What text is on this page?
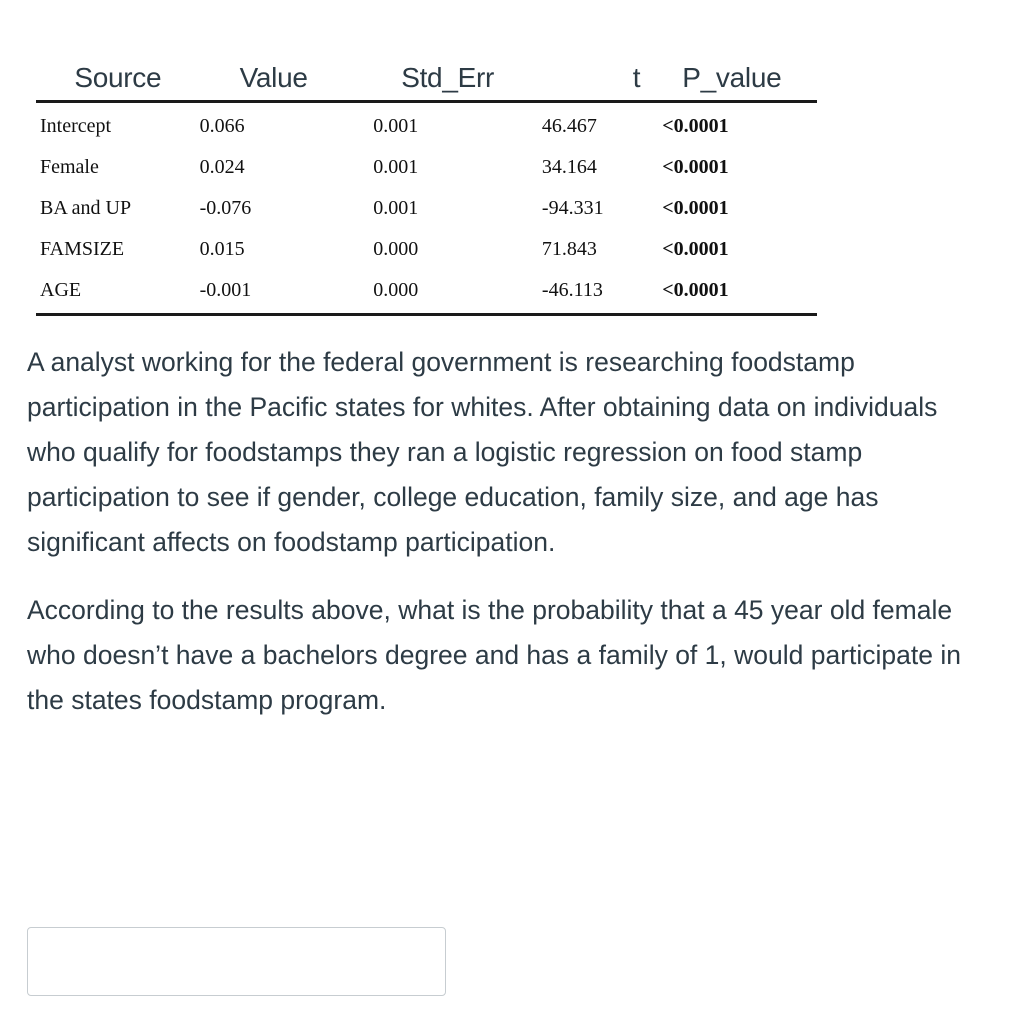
Source	Value	Std_Err	t	P_value
Intercept	0.066	0.001	46.467	<0.0001
Female	0.024	0.001	34.164	<0.0001
BA and UP	-0.076	0.001	-94.331	<0.0001
FAMSIZE	0.015	0.000	71.843	<0.0001
AGE	-0.001	0.000	-46.113	<0.0001

A analyst working for the federal government is researching foodstamp participation in the Pacific states for whites. After obtaining data on individuals who qualify for foodstamps they ran a logistic regression on food stamp participation to see if gender, college education, family size, and age has significant affects on foodstamp participation.

According to the results above, what is the probability that a 45 year old female who doesn’t have a bachelors degree and has a family of 1, would participate in the states foodstamp program.
